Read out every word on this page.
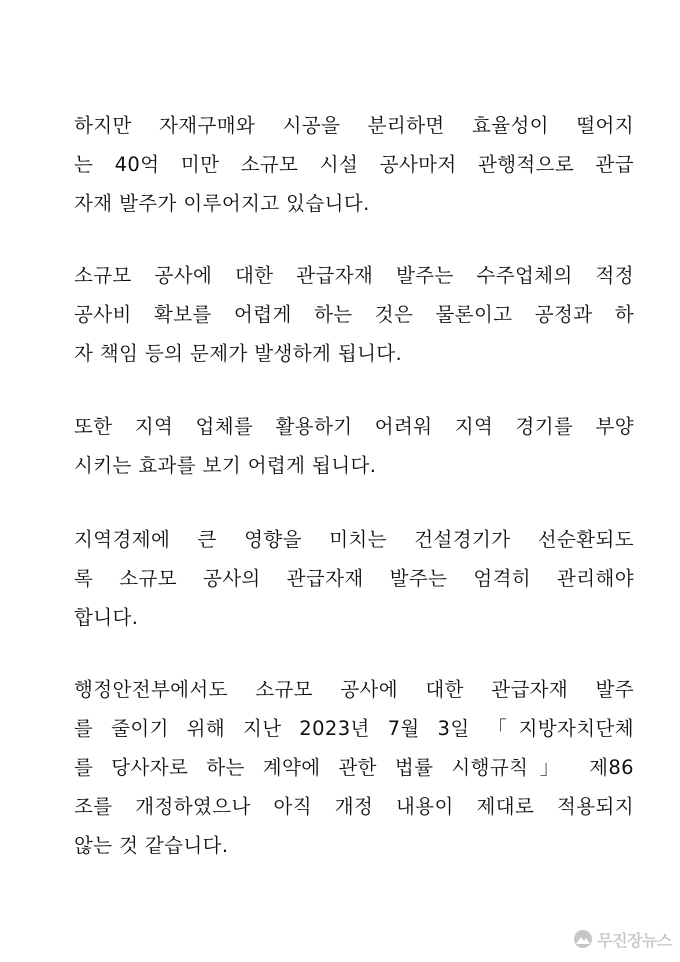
하지만 자재구매와 시공을 분리하면 효율성이 떨어지
는 40억 미만 소규모 시설 공사마저 관행적으로 관급
자재 발주가 이루어지고 있습니다.
소규모 공사에 대한 관급자재 발주는 수주업체의 적정
공사비 확보를 어렵게 하는 것은 물론이고 공정과 하
자 책임 등의 문제가 발생하게 됩니다.
또한 지역 업체를 활용하기 어려워 지역 경기를 부양
시키는 효과를 보기 어렵게 됩니다.
지역경제에 큰 영향을 미치는 건설경기가 선순환되도
록 소규모 공사의 관급자재 발주는 엄격히 관리해야
합니다.
행정안전부에서도 소규모 공사에 대한 관급자재 발주
를 줄이기 위해 지난 2023년 7월 3일 「지방자치단체
를 당사자로 하는 계약에 관한 법률 시행규칙」 제86
조를 개정하였으나 아직 개정 내용이 제대로 적용되지
않는 것 같습니다.
무진장뉴스
